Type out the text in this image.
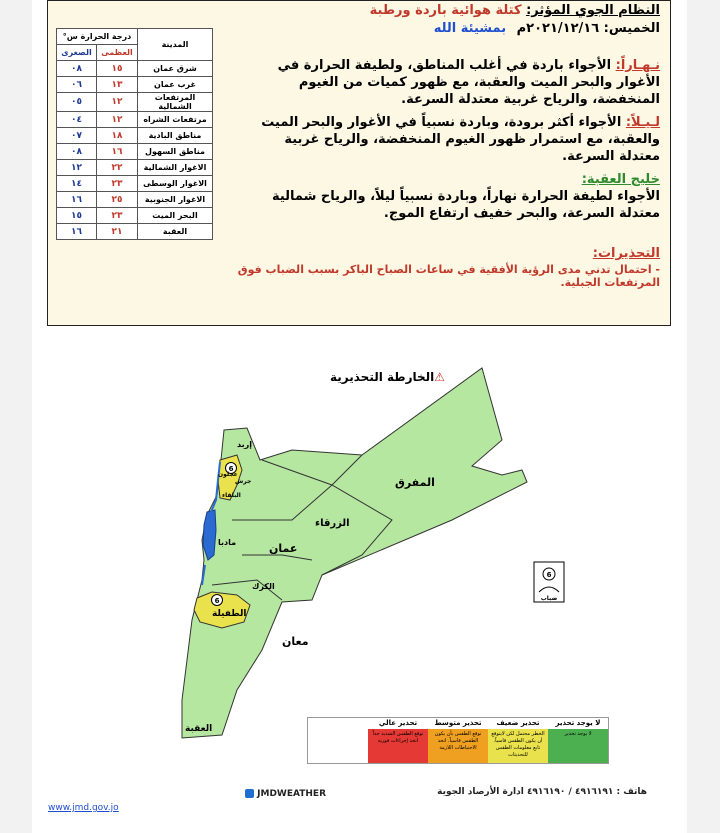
النظام الجوي المؤثر: كتلة هوائية باردة ورطبة
الخميس: ٢٠٢١/١٢/١٦م بمشيئة الله
نـهـاراً: الأجواء باردة في أغلب المناطق، ولطيفة الحرارة في الأغوار والبحر الميت والعقبة، مع ظهور كميات من الغيوم المنخفضة، والرياح غربية معتدلة السرعة.
لـيـلاً: الأجواء أكثر برودة، وباردة نسبياً في الأغوار والبحر الميت والعقبة، مع استمرار ظهور الغيوم المنخفضة، والرياح غربية معتدلة السرعة.
خليج العقبة:
الأجواء لطيفة الحرارة نهاراً، وباردة نسبياً ليلاً، والرياح شمالية معتدلة السرعة، والبحر خفيف ارتفاع الموج.
التحذيرات:
- احتمال تدني مدى الرؤية الأفقية في ساعات الصباح الباكر بسبب الضباب فوق المرتفعات الجبلية.
المدينة	درجة الحرارة س°	
	العظمى	الصغرى
شرق عمان	١٥	٠٨
غرب عمان	١٣	٠٦
المرتفعات الشمالية	١٢	٠٥
مرتفعات الشراه	١٢	٠٤
مناطق البادية	١٨	٠٧
مناطق السهول	١٦	٠٨
الاغوار الشمالية	٢٢	١٢
الاغوار الوسطى	٢٣	١٤
الاغوار الجنوبية	٢٥	١٦
البحر الميت	٢٣	١٥
العقبة	٢١	١٦
الخارطة التحذيرية⚠
6
6
إربد
جرش
عجلون
البلقاء
المفرق
الزرقاء
عمان
مادبا
الكرك
الطفيلة
معان
العقبة
6
ضباب
لا يوجد تحذير
لا يوجد تحذير
تحذير ضعيف
الخطر محتمل لكن لايتوقع أن يكون الطقس قاسياً. تابع معلومات الطقس للتحديثات
تحذير متوسط
توقع الطقس بأن يكون الطقس قاسياً. اتخذ الاحتياطات اللازمة
تحذير عالي
توقع الطقس الشديد جداً اتخذ إجراءات فورية
JMDWEATHER	هاتف : ٤٩١٦١٩١ / ٤٩١٦١٩٠ ادارة الأرصاد الجوية
www.jmd.gov.jo
